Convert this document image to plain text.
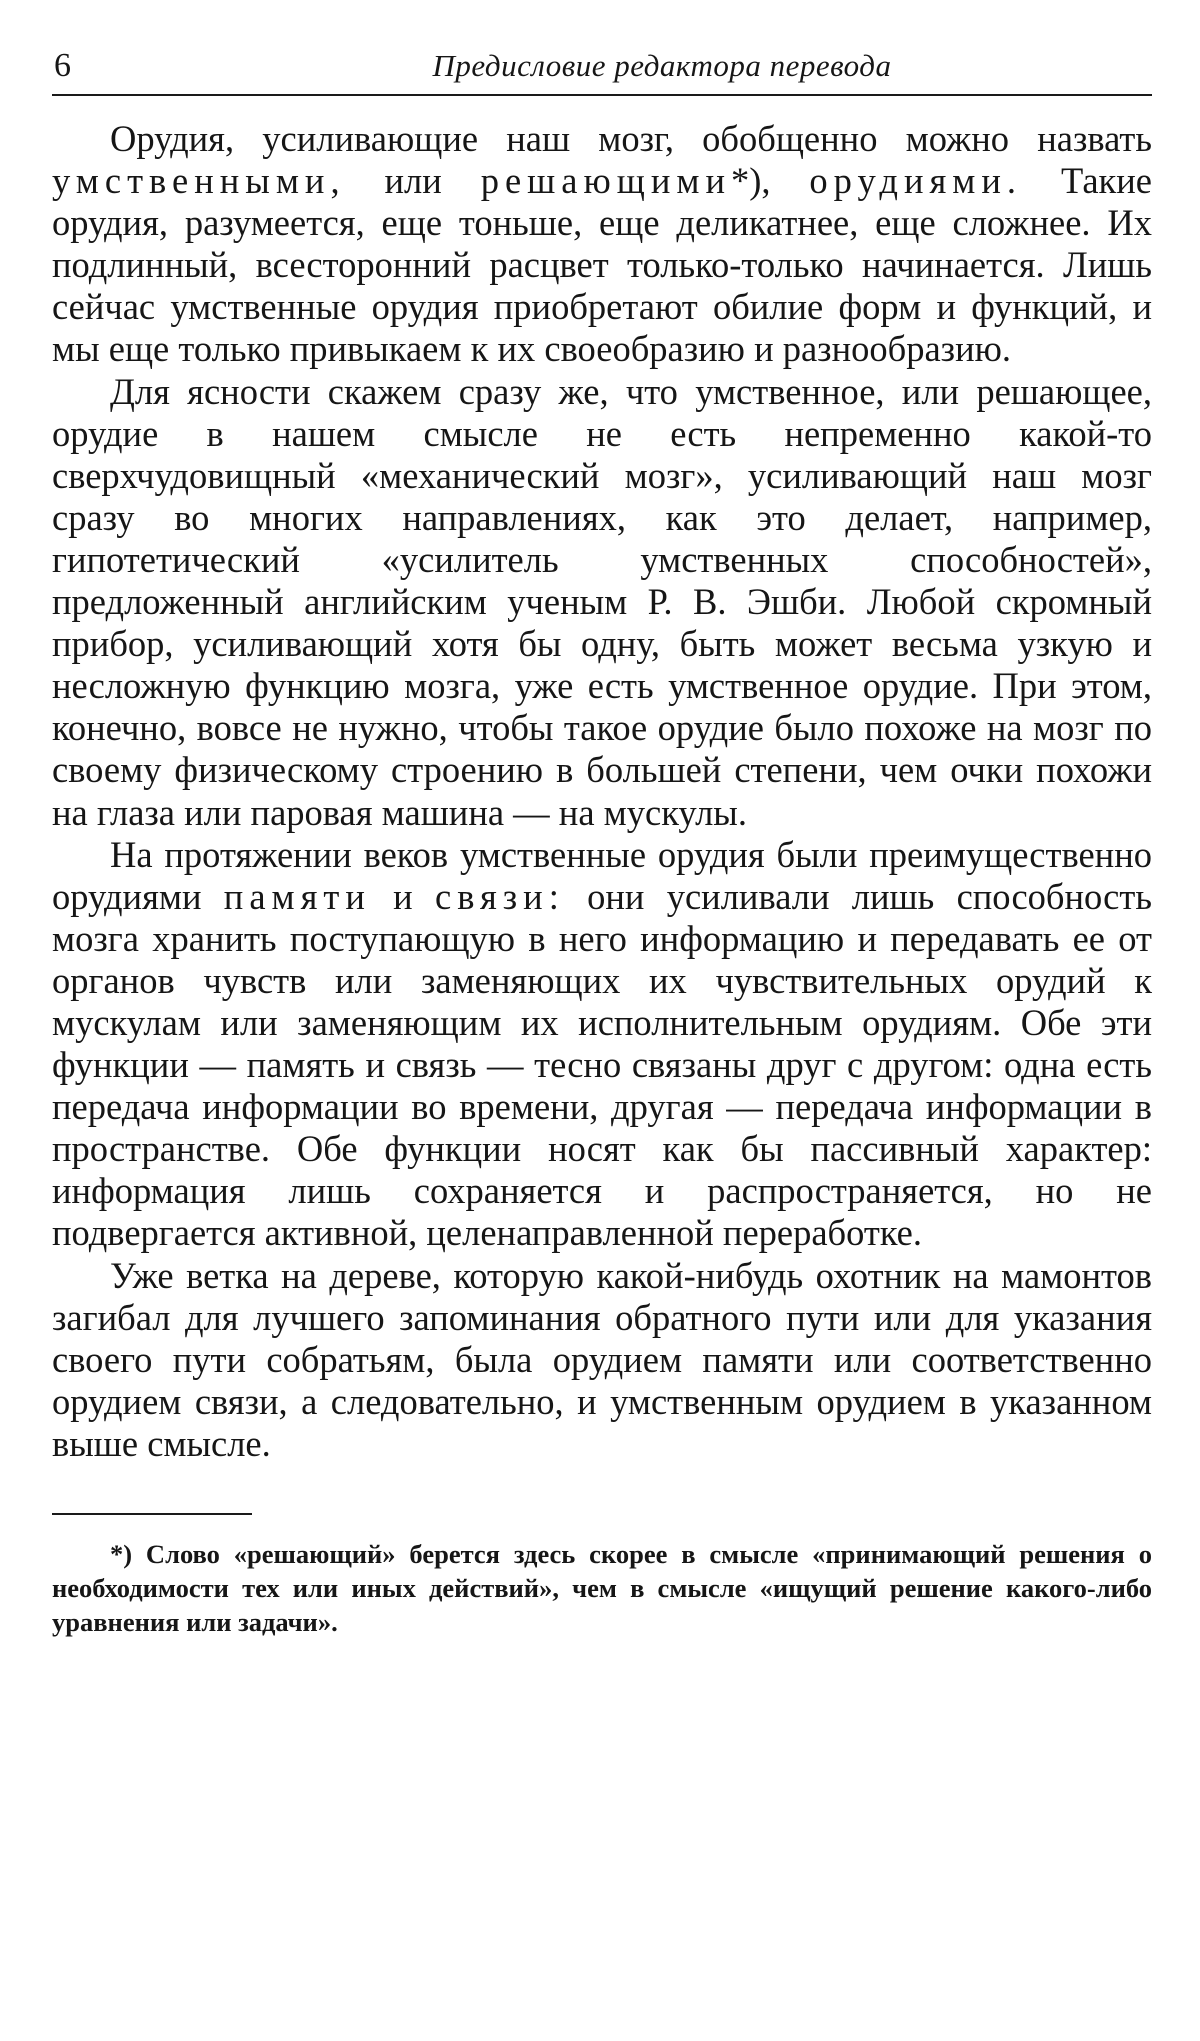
6	Предисловие редактора перевода

Орудия, усиливающие наш мозг, обобщенно можно назвать умственными, или решающими*), орудиями. Такие орудия, разумеется, еще тоньше, еще деликатнее, еще сложнее. Их подлинный, всесторонний расцвет только-только начинается. Лишь сейчас умственные орудия приобретают обилие форм и функций, и мы еще только привыкаем к их своеобразию и разнообразию.

Для ясности скажем сразу же, что умственное, или решающее, орудие в нашем смысле не есть непременно какой-то сверхчудовищный «механический мозг», усиливающий наш мозг сразу во многих направлениях, как это делает, например, гипотетический «усилитель умственных способностей», предложенный английским ученым Р. В. Эшби. Любой скромный прибор, усиливающий хотя бы одну, быть может весьма узкую и несложную функцию мозга, уже есть умственное орудие. При этом, конечно, вовсе не нужно, чтобы такое орудие было похоже на мозг по своему физическому строению в большей степени, чем очки похожи на глаза или паровая машина — на мускулы.

На протяжении веков умственные орудия были преимущественно орудиями памяти и связи: они усиливали лишь способность мозга хранить поступающую в него информацию и передавать ее от органов чувств или заменяющих их чувствительных орудий к мускулам или заменяющим их исполнительным орудиям. Обе эти функции — память и связь — тесно связаны друг с другом: одна есть передача информации во времени, другая — передача информации в пространстве. Обе функции носят как бы пассивный характер: информация лишь сохраняется и распространяется, но не подвергается активной, целенаправленной переработке.

Уже ветка на дереве, которую какой-нибудь охотник на мамонтов загибал для лучшего запоминания обратного пути или для указания своего пути собратьям, была орудием памяти или соответственно орудием связи, а следовательно, и умственным орудием в указанном выше смысле.

*) Слово «решающий» берется здесь скорее в смысле «принимающий решения о необходимости тех или иных действий», чем в смысле «ищущий решение какого-либо уравнения или задачи».
